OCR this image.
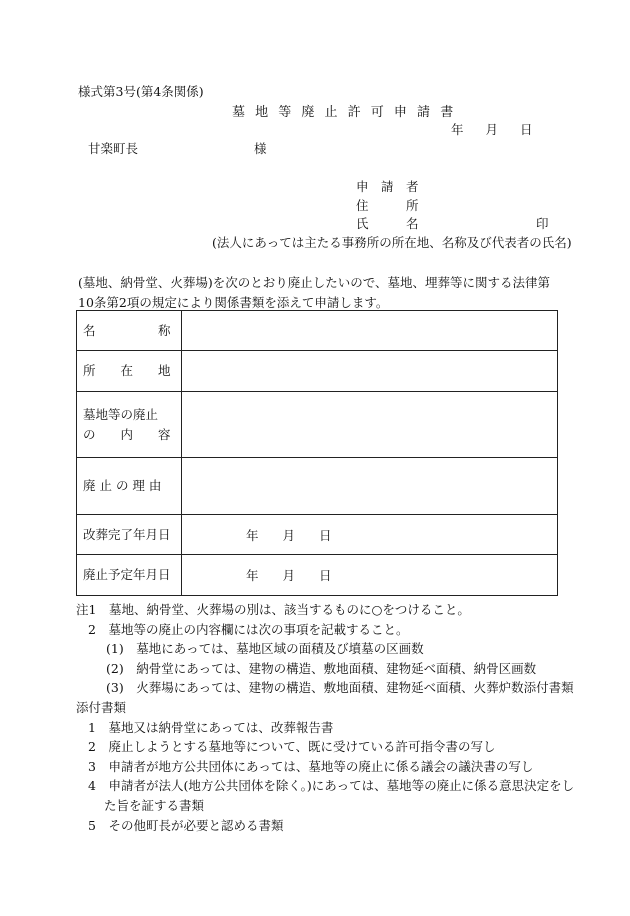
様式第3号(第4条関係)
墓 地 等 廃 止 許 可 申 請 書
年 月 日
甘楽町長	様
申　請　者
住　　　所
氏　　　名	印
(法人にあっては主たる事務所の所在地、名称及び代表者の氏名)
(墓地、納骨堂、火葬場)を次のとおり廃止したいので、墓地、埋葬等に関する法律第10条第2項の規定により関係書類を添えて申請します。
名　　　　　称	
所　　在　　地	

墓地等の廃止
の　　内　　容	

廃 止 の 理 由	
改葬完了年月日	年 月 日
廃止予定年月日	年 月 日
注1　墓地、納骨堂、火葬場の別は、該当するものに○をつけること。
2　墓地等の廃止の内容欄には次の事項を記載すること。
(1)　墓地にあっては、墓地区域の面積及び墳墓の区画数
(2)　納骨堂にあっては、建物の構造、敷地面積、建物延べ面積、納骨区画数
(3)　火葬場にあっては、建物の構造、敷地面積、建物延べ面積、火葬炉数添付書類
添付書類
1　墓地又は納骨堂にあっては、改葬報告書
2　廃止しようとする墓地等について、既に受けている許可指令書の写し
3　申請者が地方公共団体にあっては、墓地等の廃止に係る議会の議決書の写し
4　申請者が法人(地方公共団体を除く。)にあっては、墓地等の廃止に係る意思決定をし
た旨を証する書類
5　その他町長が必要と認める書類
